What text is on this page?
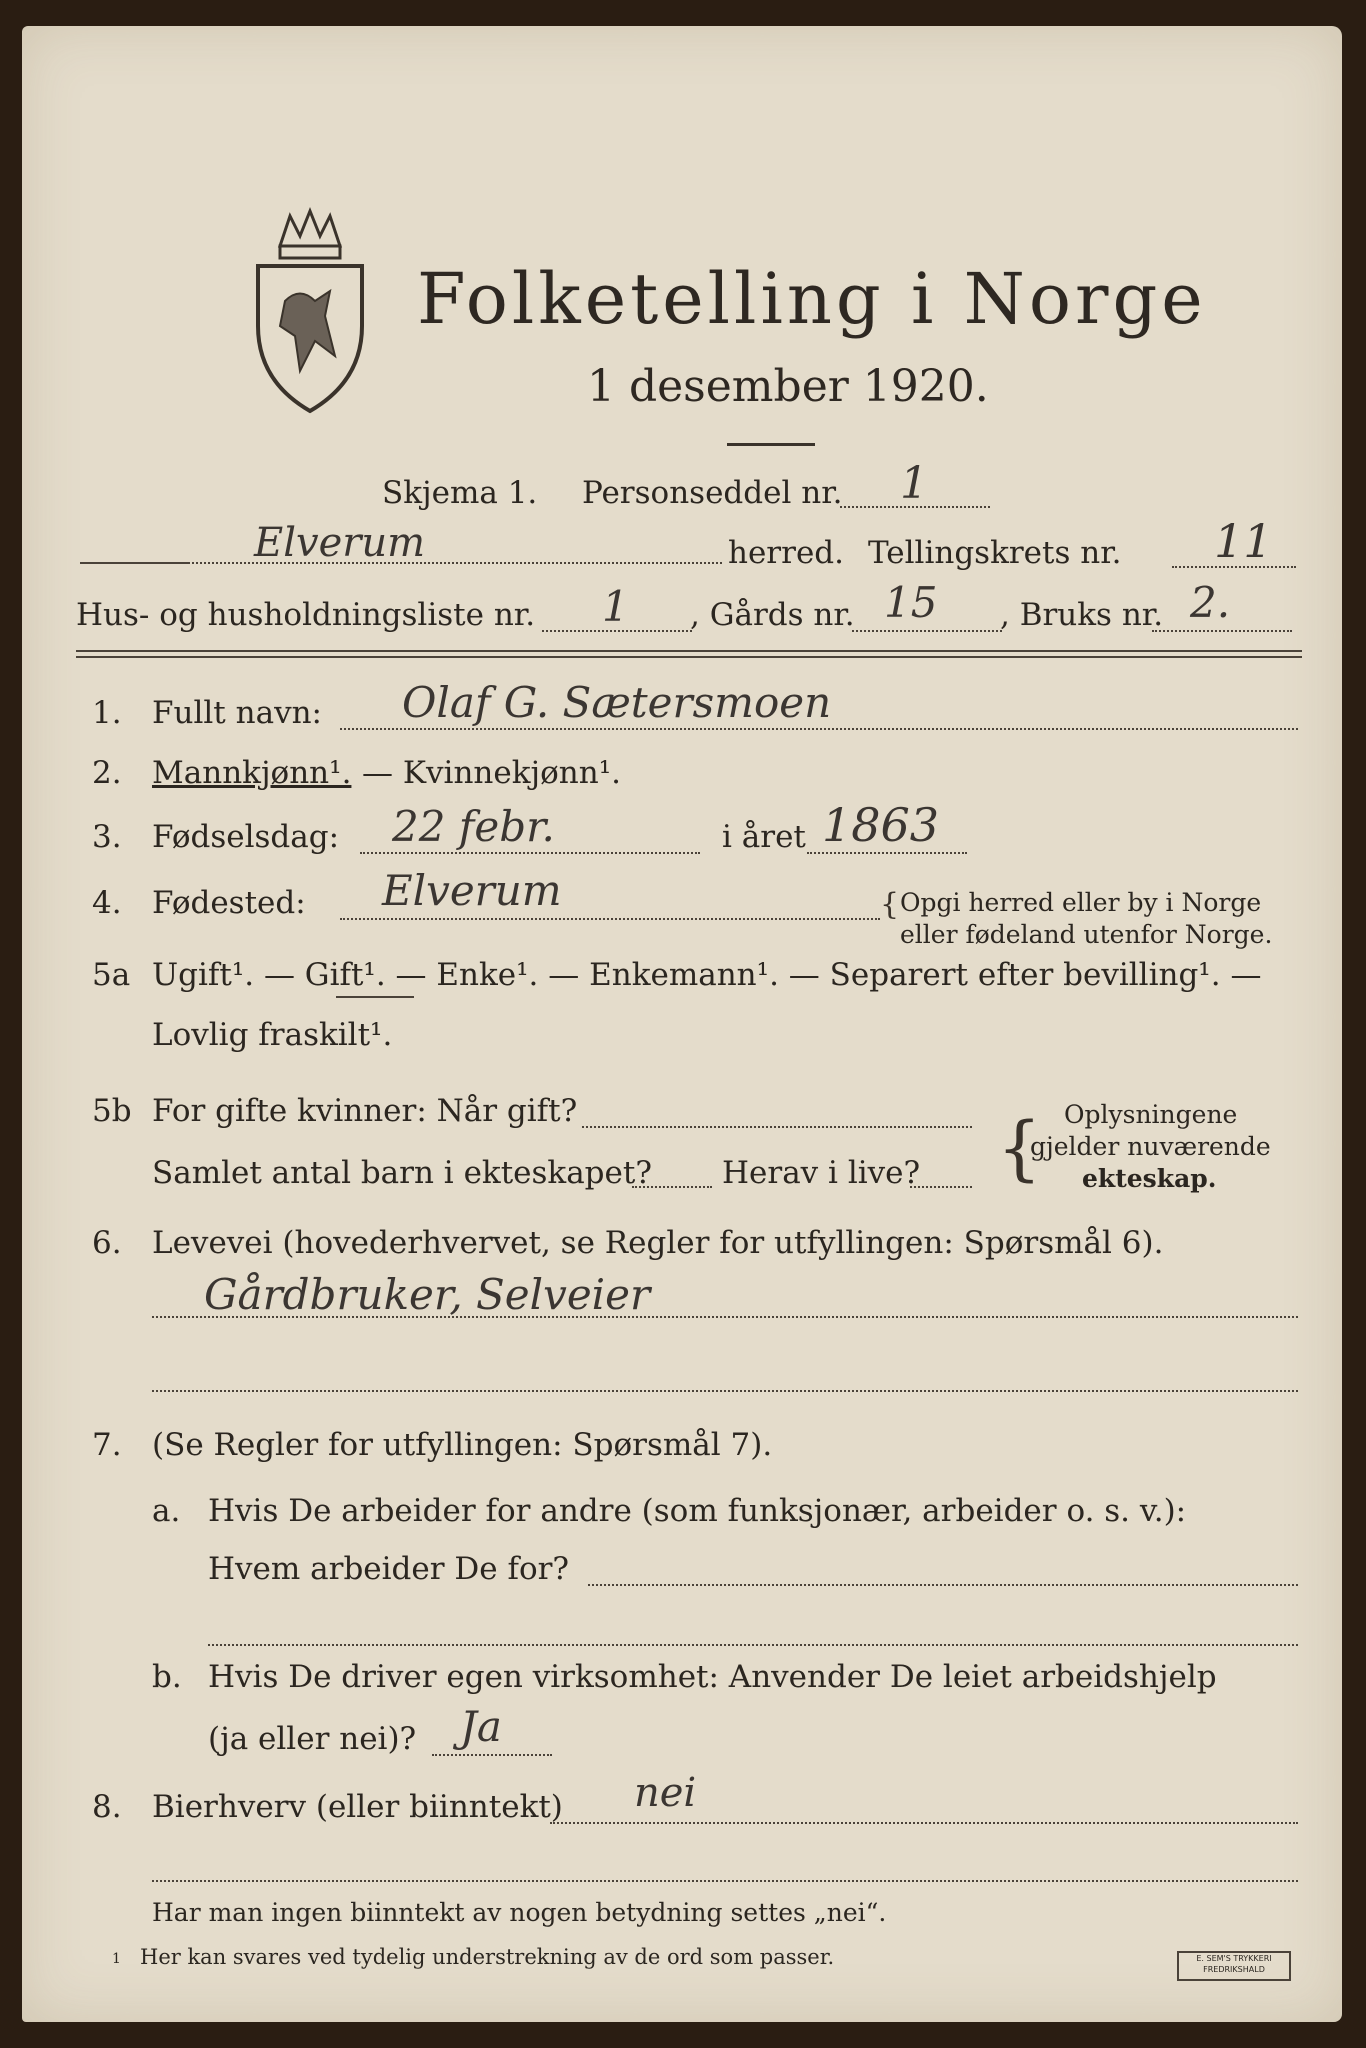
Folketelling i Norge
1 desember 1920.
Skjema 1. Personseddel nr. 1
Elverum	herred. Tellingskrets nr. 11
Hus- og husholdningsliste nr. 1 , Gårds nr. 15 , Bruks nr. 2.
1. Fullt navn: Olaf G. Sætersmoen
2. Mannkjønn¹. — Kvinnekjønn¹.
3. Fødselsdag: 22 febr.	i året 1863
4. Fødested: Elverum	{ Opgi herred eller by i Norge
eller fødeland utenfor Norge.
5a Ugift¹. — Gift¹. — Enke¹. — Enkemann¹. — Separert efter bevilling¹. —
Lovlig fraskilt¹.
5b For gifte kvinner: Når gift?
Samlet antal barn i ekteskapet? Herav i live? { Oplysningene
gjelder nuværende
ekteskap.
6. Levevei (hovederhvervet, se Regler for utfyllingen: Spørsmål 6).
Gårdbruker, Selveier
7. (Se Regler for utfyllingen: Spørsmål 7).
a. Hvis De arbeider for andre (som funksjonær, arbeider o. s. v.):
Hvem arbeider De for?
b. Hvis De driver egen virksomhet: Anvender De leiet arbeidshjelp
(ja eller nei)? Ja
8. Bierhverv (eller biinntekt) nei
Har man ingen biinntekt av nogen betydning settes „nei“.
1 Her kan svares ved tydelig understrekning av de ord som passer.	E. SEM'S TRYKKERI FREDRIKSHALD
